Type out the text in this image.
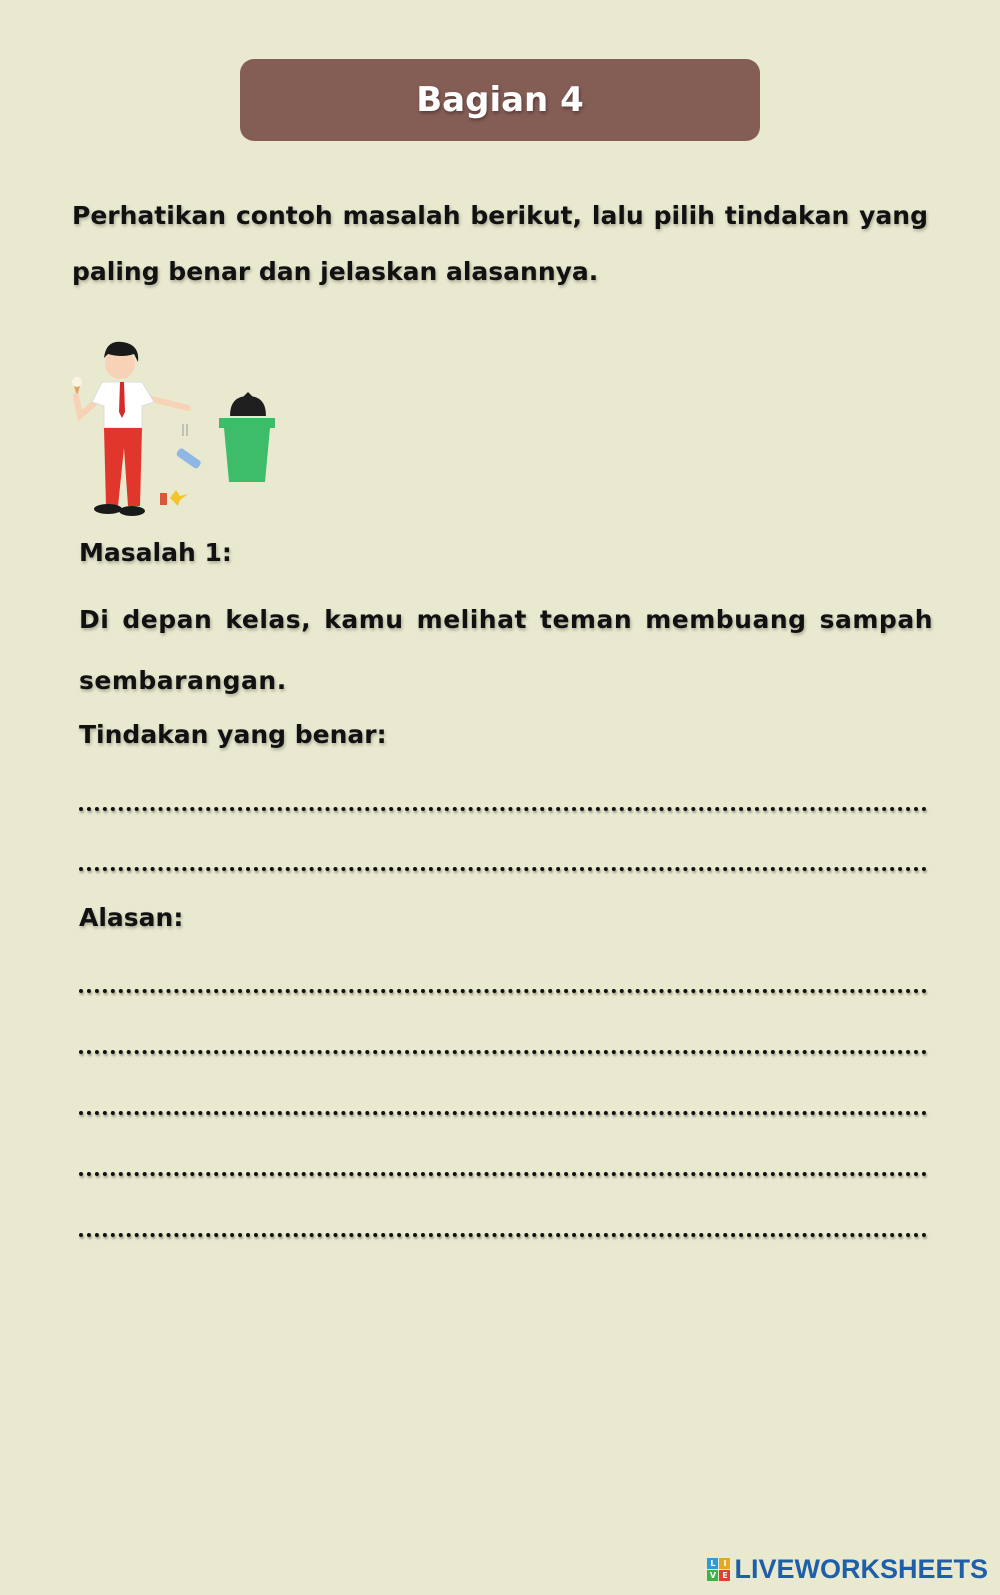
Bagian 4
Perhatikan contoh masalah berikut, lalu pilih tindakan yang paling benar dan jelaskan alasannya.
Masalah 1:
Di depan kelas, kamu melihat teman membuang sampah sembarangan.
Tindakan yang benar:
Alasan:
L I
V E LIVEWORKSHEETS
